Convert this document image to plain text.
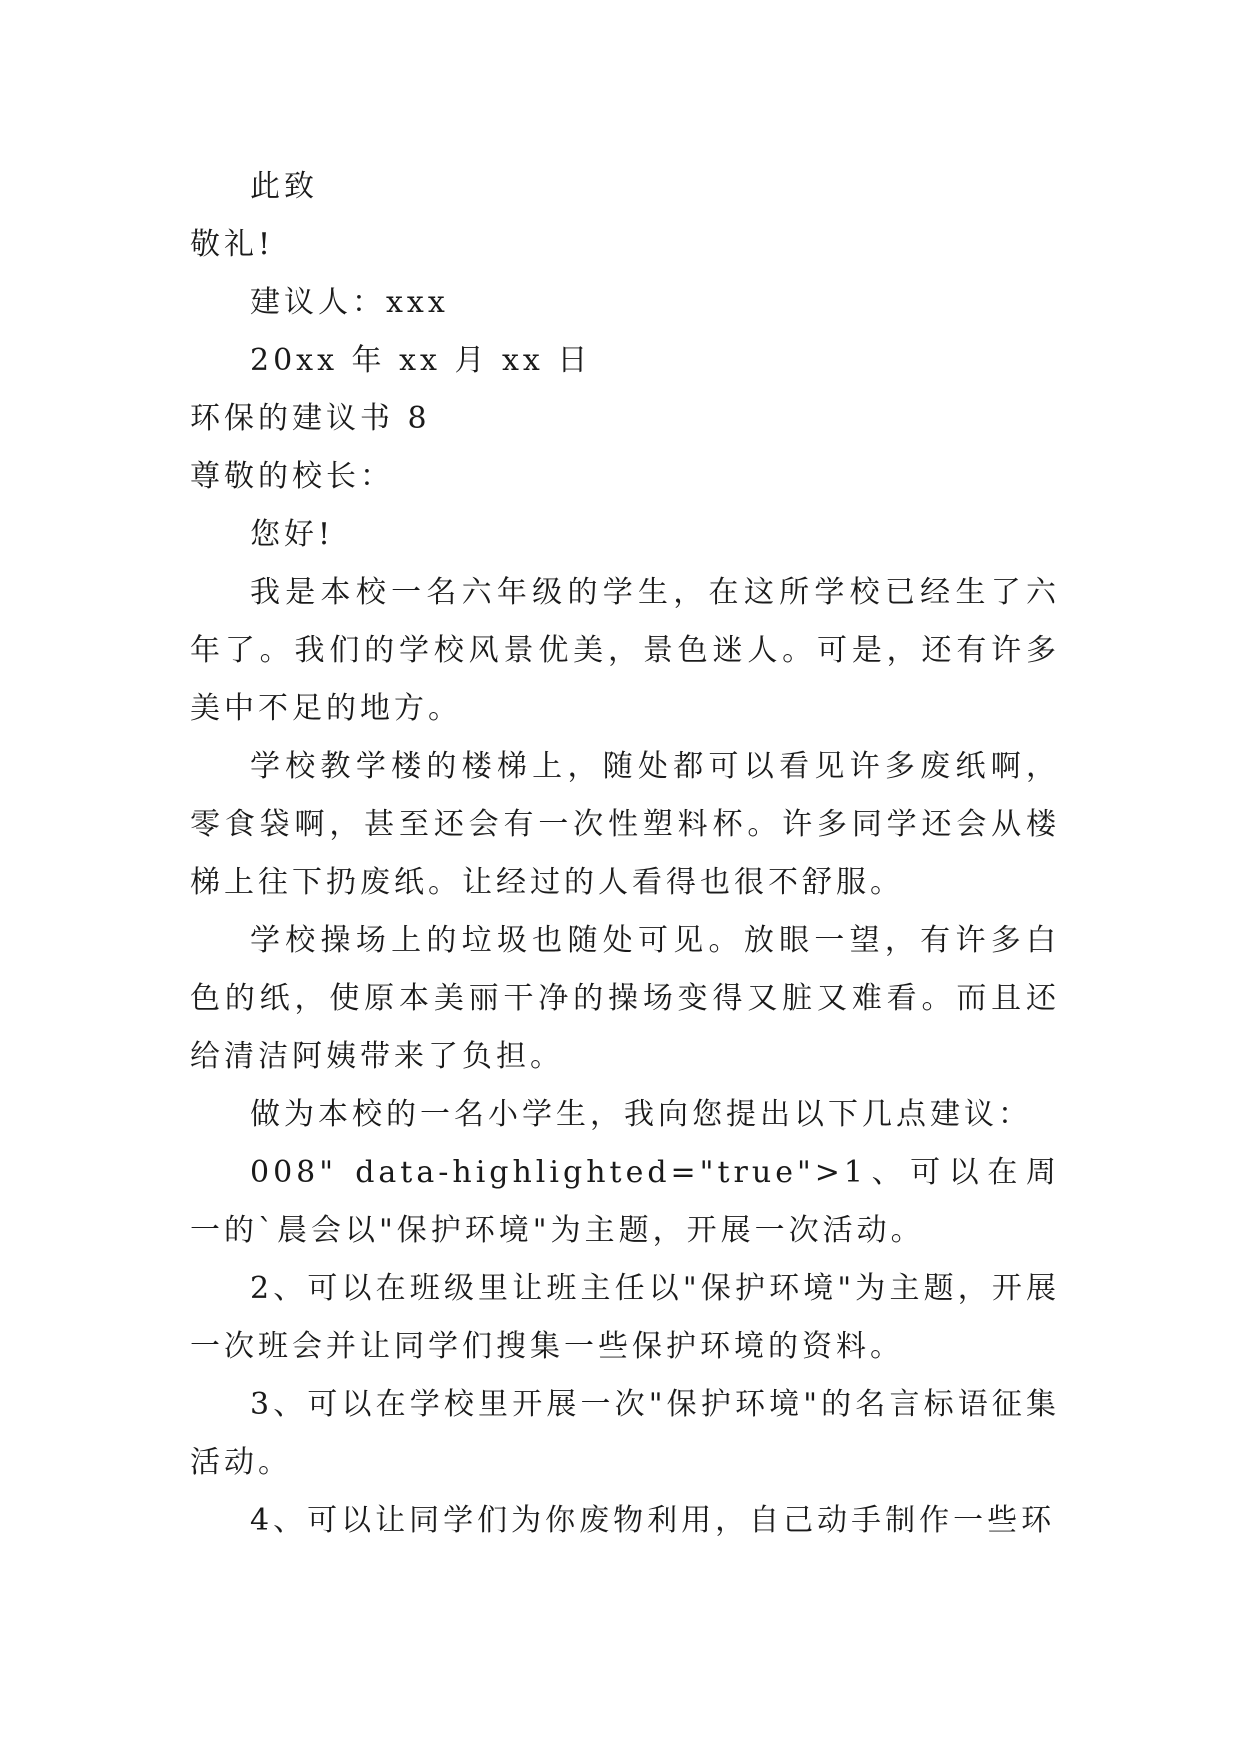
此致
敬礼!
建议人：xxx
20xx 年 xx 月 xx 日
环保的建议书 8
尊敬的校长：
您好!
我是本校一名六年级的学生，在这所学校已经生了六年了。我们的学校风景优美，景色迷人。可是，还有许多美中不足的地方。
学校教学楼的楼梯上，随处都可以看见许多废纸啊，零食袋啊，甚至还会有一次性塑料杯。许多同学还会从楼梯上往下扔废纸。让经过的人看得也很不舒服。
学校操场上的垃圾也随处可见。放眼一望，有许多白色的纸，使原本美丽干净的操场变得又脏又难看。而且还给清洁阿姨带来了负担。
做为本校的一名小学生，我向您提出以下几点建议：
008" data-highlighted="true">1、可以在周一的`晨会以"保护环境"为主题，开展一次活动。
2、可以在班级里让班主任以"保护环境"为主题，开展一次班会并让同学们搜集一些保护环境的资料。
3、可以在学校里开展一次"保护环境"的名言标语征集活动。
4、可以让同学们为你废物利用，自己动手制作一些环
